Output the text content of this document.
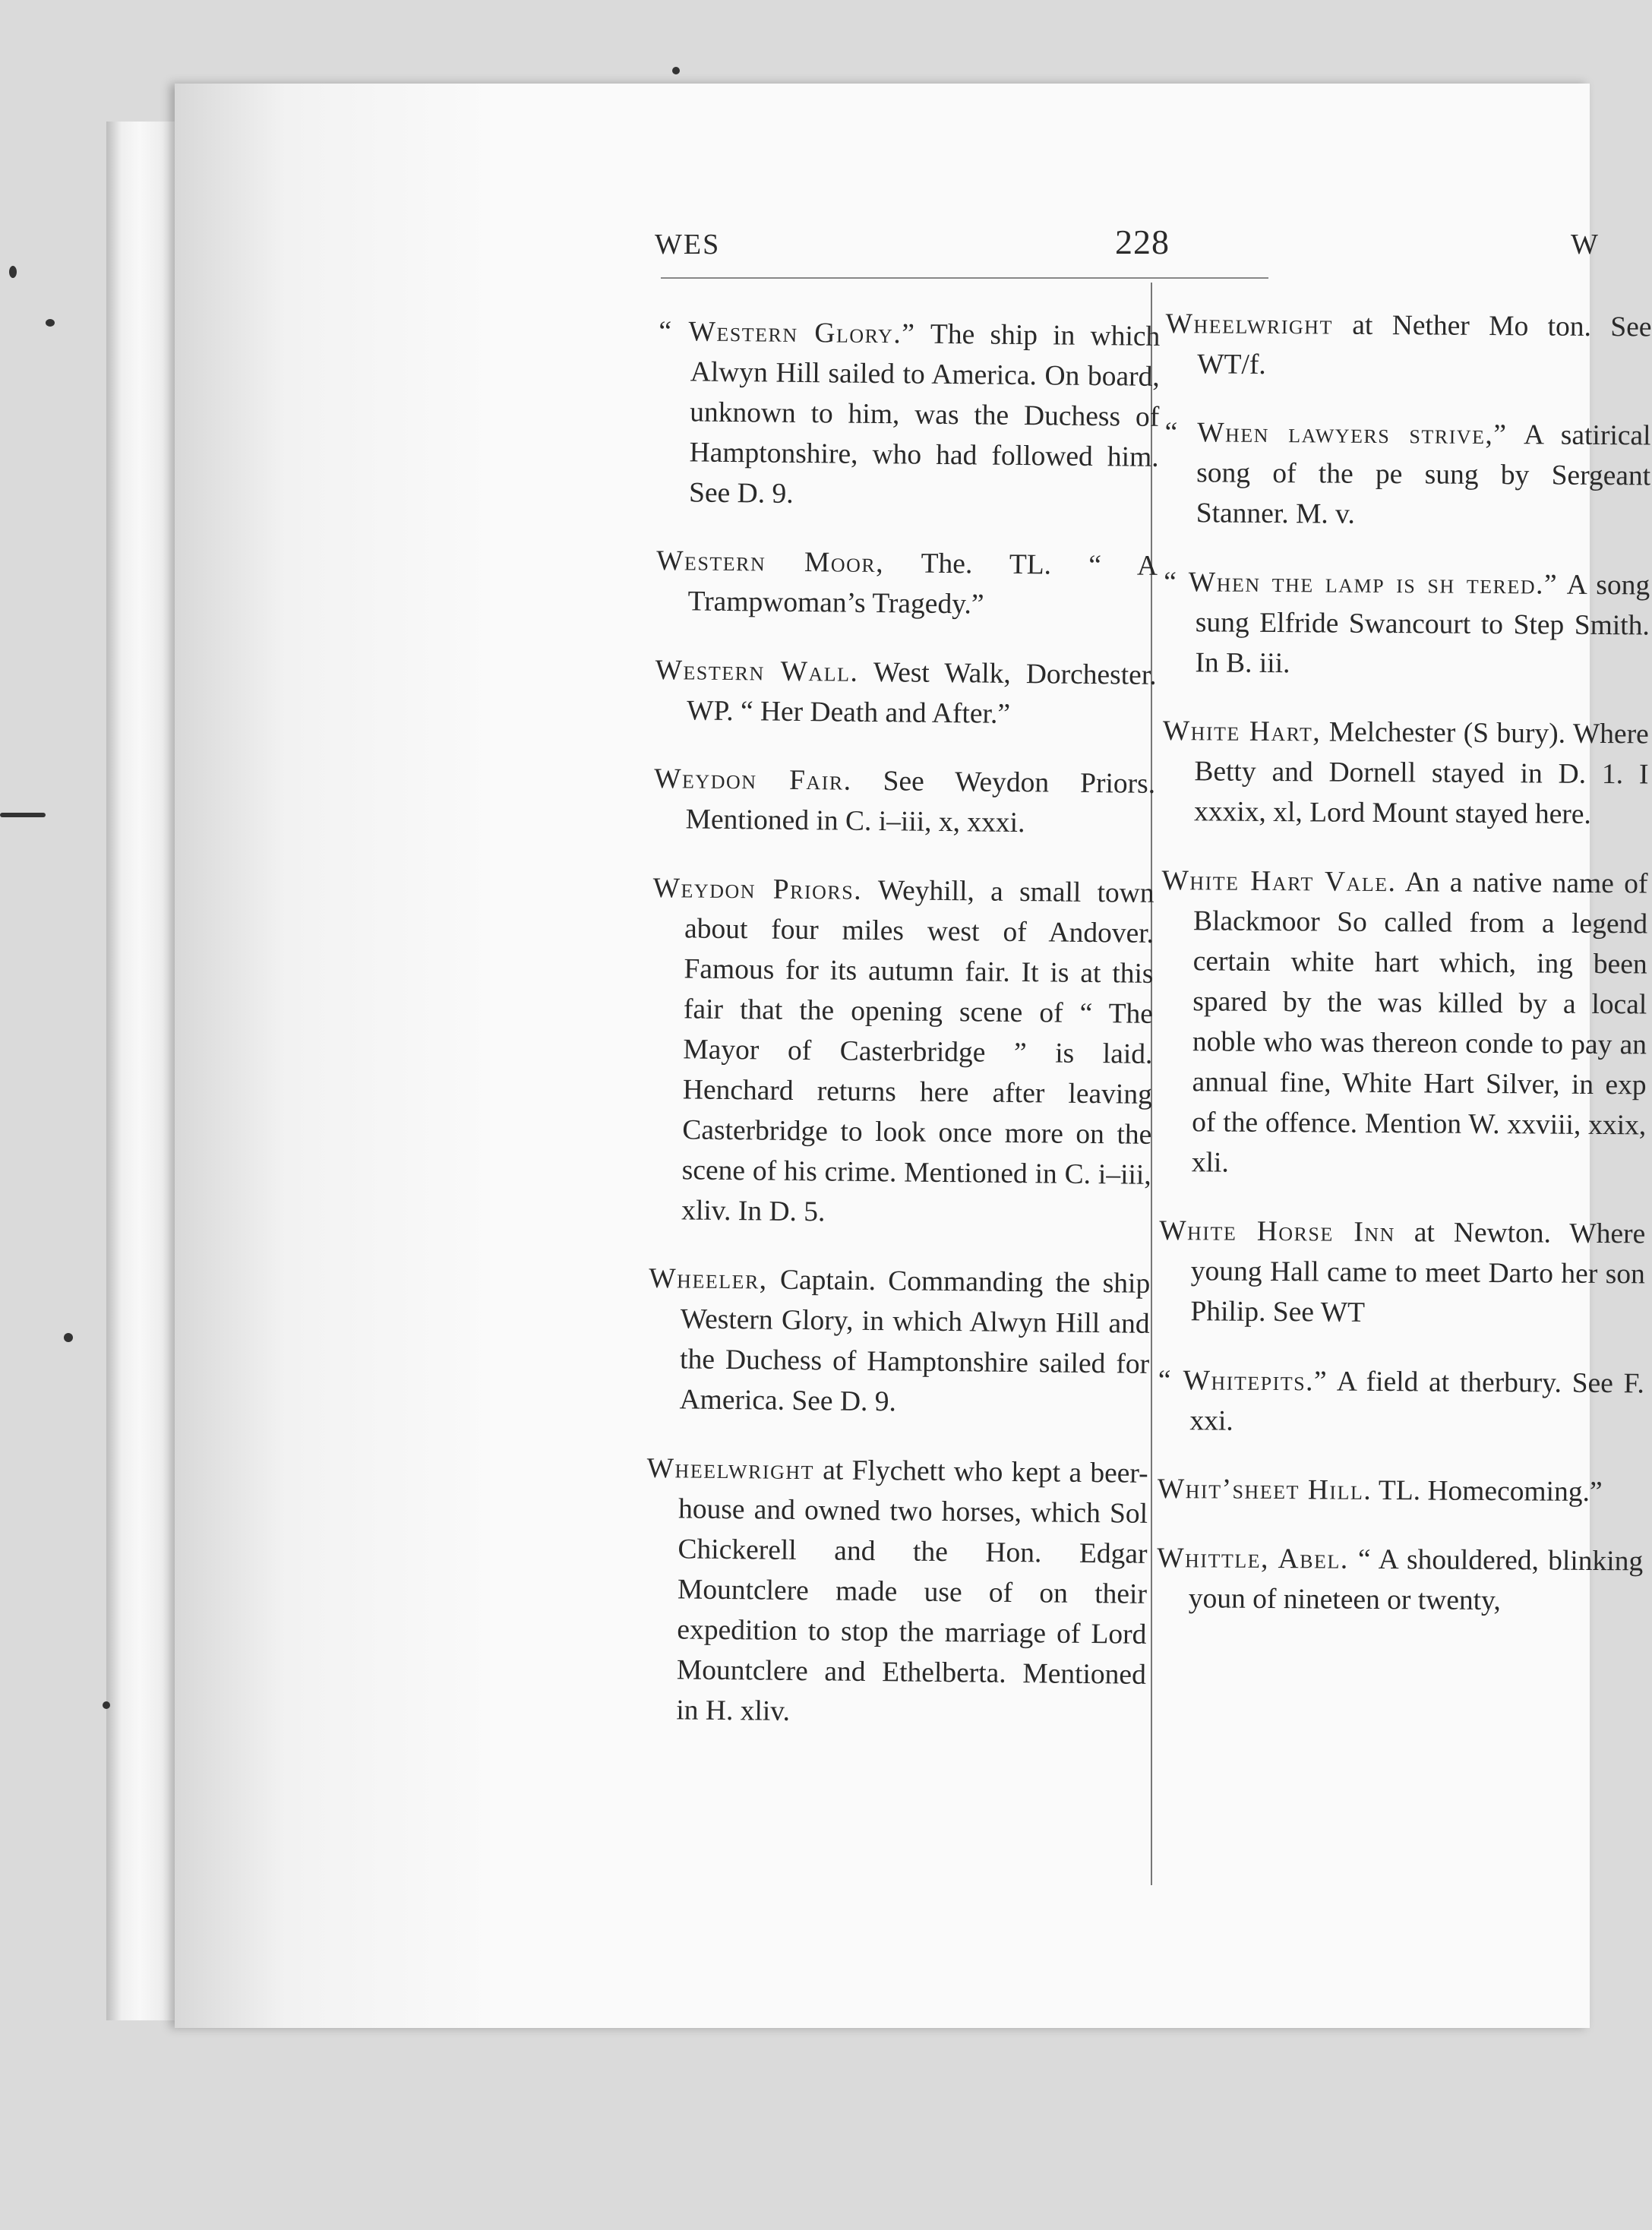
WES	228	W

“ Western Glory.” The ship in which Alwyn Hill sailed to America. On board, unknown to him, was the Duchess of Hamptonshire, who had followed him. See D. 9.

Western Moor, The. TL. “ A Trampwoman’s Tragedy.”

Western Wall. West Walk, Dorchester. WP. “ Her Death and After.”

Weydon Fair. See Weydon Priors. Mentioned in C. i–iii, x, xxxi.

Weydon Priors. Weyhill, a small town about four miles west of Andover. Famous for its autumn fair. It is at this fair that the opening scene of “ The Mayor of Casterbridge ” is laid. Henchard returns here after leaving Casterbridge to look once more on the scene of his crime. Mentioned in C. i–iii, xliv. In D. 5.

Wheeler, Captain. Commanding the ship Western Glory, in which Alwyn Hill and the Duchess of Hamptonshire sailed for America. See D. 9.

Wheelwright at Flychett who kept a beer-house and owned two horses, which Sol Chickerell and the Hon. Edgar Mountclere made use of on their expedition to stop the marriage of Lord Mountclere and Ethelberta. Mentioned in H. xliv.

Wheelwright at Nether Mo ton. See WT/f.

“ When lawyers strive,” A satirical song of the pe sung by Sergeant Stanner. M. v.

“ When the lamp is sh tered.” A song sung Elfride Swancourt to Step Smith. In B. iii.

White Hart, Melchester (S bury). Where Betty and Dornell stayed in D. 1. I xxxix, xl, Lord Mount stayed here.

White Hart Vale. An a native name of Blackmoor So called from a legend certain white hart which, ing been spared by the was killed by a local noble who was thereon conde to pay an annual fine, White Hart Silver, in exp of the offence. Mention W. xxviii, xxix, xli.

White Horse Inn at Newton. Where young Hall came to meet Darto her son Philip. See WT

“ Whitepits.” A field at therbury. See F. xxi.

Whit’sheet Hill. TL. Homecoming.”

Whittle, Abel. “ A shouldered, blinking youn of nineteen or twenty,
